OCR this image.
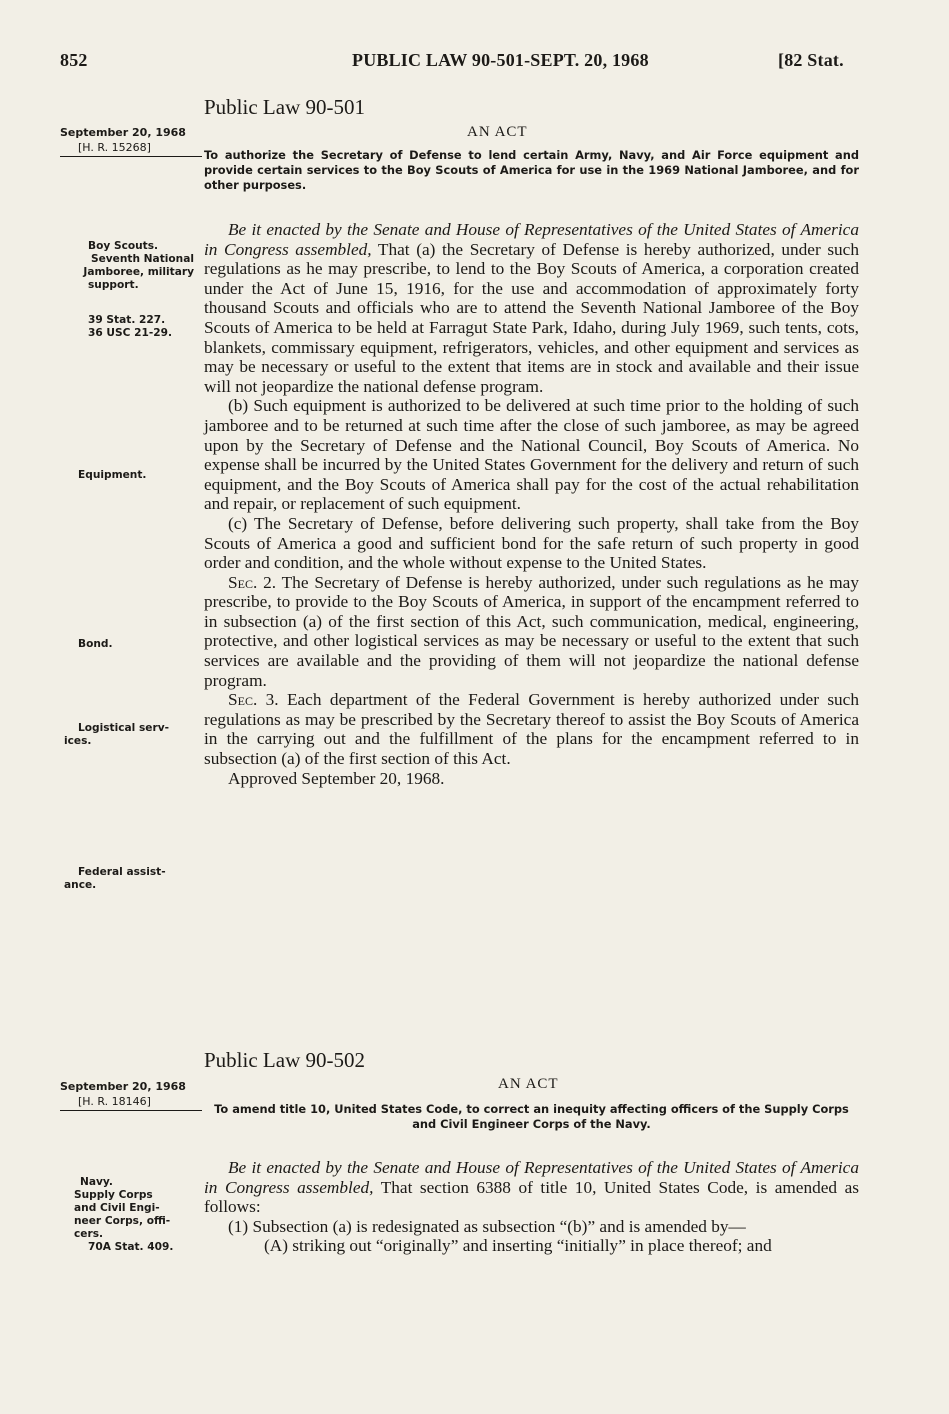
852	PUBLIC LAW 90-501-SEPT. 20, 1968	[82 Stat.
Public Law 90-501
AN ACT
September 20, 1968
[H. R. 15268]
To authorize the Secretary of Defense to lend certain Army, Navy, and Air Force equipment and provide certain services to the Boy Scouts of America for use in the 1969 National Jamboree, and for other purposes.
Boy Scouts.
Seventh National
Jamboree, military
support.
39 Stat. 227.
36 USC 21-29.
Equipment.
Bond.
Logistical serv-
ices.
Federal assist-
ance.

Be it enacted by the Senate and House of Representatives of the United States of America in Congress assembled, That (a) the Secretary of Defense is hereby authorized, under such regulations as he may prescribe, to lend to the Boy Scouts of America, a corporation created under the Act of June 15, 1916, for the use and accommodation of approximately forty thousand Scouts and officials who are to attend the Seventh National Jamboree of the Boy Scouts of America to be held at Farragut State Park, Idaho, during July 1969, such tents, cots, blankets, commissary equipment, refrigerators, vehicles, and other equipment and services as may be necessary or useful to the extent that items are in stock and available and their issue will not jeopardize the national defense program.

(b) Such equipment is authorized to be delivered at such time prior to the holding of such jamboree and to be returned at such time after the close of such jamboree, as may be agreed upon by the Secretary of Defense and the National Council, Boy Scouts of America. No expense shall be incurred by the United States Government for the delivery and return of such equipment, and the Boy Scouts of America shall pay for the cost of the actual rehabilitation and repair, or replacement of such equipment.

(c) The Secretary of Defense, before delivering such property, shall take from the Boy Scouts of America a good and sufficient bond for the safe return of such property in good order and condition, and the whole without expense to the United States.

Sec. 2. The Secretary of Defense is hereby authorized, under such regulations as he may prescribe, to provide to the Boy Scouts of America, in support of the encampment referred to in subsection (a) of the first section of this Act, such communication, medical, engineering, protective, and other logistical services as may be necessary or useful to the extent that such services are available and the providing of them will not jeopardize the national defense program.

Sec. 3. Each department of the Federal Government is hereby authorized under such regulations as may be prescribed by the Secretary thereof to assist the Boy Scouts of America in the carrying out and the fulfillment of the plans for the encampment referred to in subsection (a) of the first section of this Act.

Approved September 20, 1968.

Public Law 90-502
AN ACT
September 20, 1968
[H. R. 18146]
To amend title 10, United States Code, to correct an inequity affecting officers of the Supply Corps and Civil Engineer Corps of the Navy.
Navy.
Supply Corps
and Civil Engi-
neer Corps, offi-
cers.
70A Stat. 409.

Be it enacted by the Senate and House of Representatives of the United States of America in Congress assembled, That section 6388 of title 10, United States Code, is amended as follows:

(1) Subsection (a) is redesignated as subsection “(b)” and is amended by—

(A) striking out “originally” and inserting “initially” in place thereof; and
